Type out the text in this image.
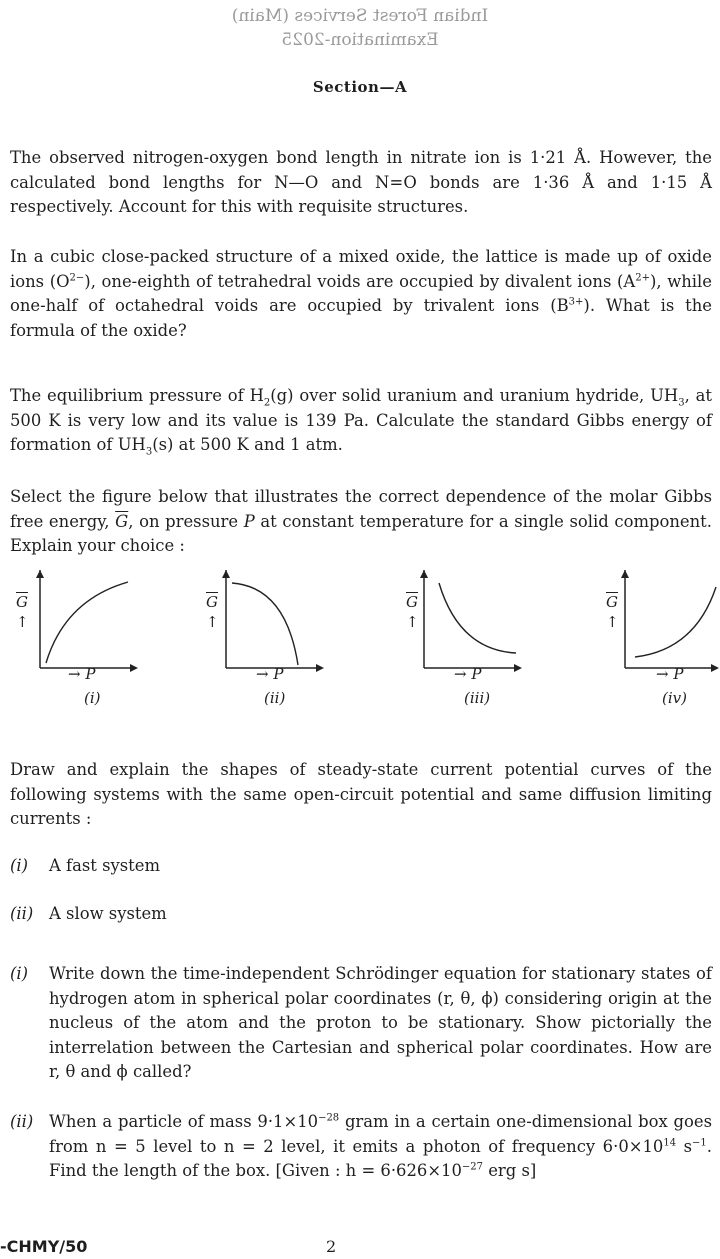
Indian Forest Services (Main)
Examination-2025
Section—A
The observed nitrogen-oxygen bond length in nitrate ion is 1·21 Å. However, the calculated bond lengths for N—O and N=O bonds are 1·36 Å and 1·15 Å respectively. Account for this with requisite structures.
In a cubic close-packed structure of a mixed oxide, the lattice is made up of oxide ions $(O^{2-})$, one-eighth of tetrahedral voids are occupied by divalent ions $(A^{2+})$, while one-half of octahedral voids are occupied by trivalent ions $(B^{3+})$. What is the formula of the oxide?
The equilibrium pressure of $H_2(g)$ over solid uranium and uranium hydride, $UH_3$, at 500 K is very low and its value is 139 Pa. Calculate the standard Gibbs energy of formation of $UH_3(s)$ at 500 K and 1 atm.
Select the figure below that illustrates the correct dependence of the molar Gibbs free energy, $\overline{G}$, on pressure P at constant temperature for a single solid component. Explain your choice :
$\overline{G}$
↑
→ P
(i)
$\overline{G}$
↑
→ P
(ii)
$\overline{G}$
↑
→ P
(iii)
$\overline{G}$
↑
→ P
(iv)
Draw and explain the shapes of steady-state current potential curves of the following systems with the same open-circuit potential and same diffusion limiting currents :
(i) A fast system
(ii) A slow system
(i) Write down the time-independent Schrödinger equation for stationary states of hydrogen atom in spherical polar coordinates (r, θ, ϕ) considering origin at the nucleus of the atom and the proton to be stationary. Show pictorially the interrelation between the Cartesian and spherical polar coordinates. How are r, θ and ϕ called?
(ii) When a particle of mass $9\cdot 1\times 10^{-28}$ gram in a certain one-dimensional box goes from n = 5 level to n = 2 level, it emits a photon of frequency $6\cdot 0\times 10^{14}$ $s^{-1}$. Find the length of the box. [Given : $h = 6\cdot 626\times 10^{-27}$ erg s]
-CHMY/50	2
